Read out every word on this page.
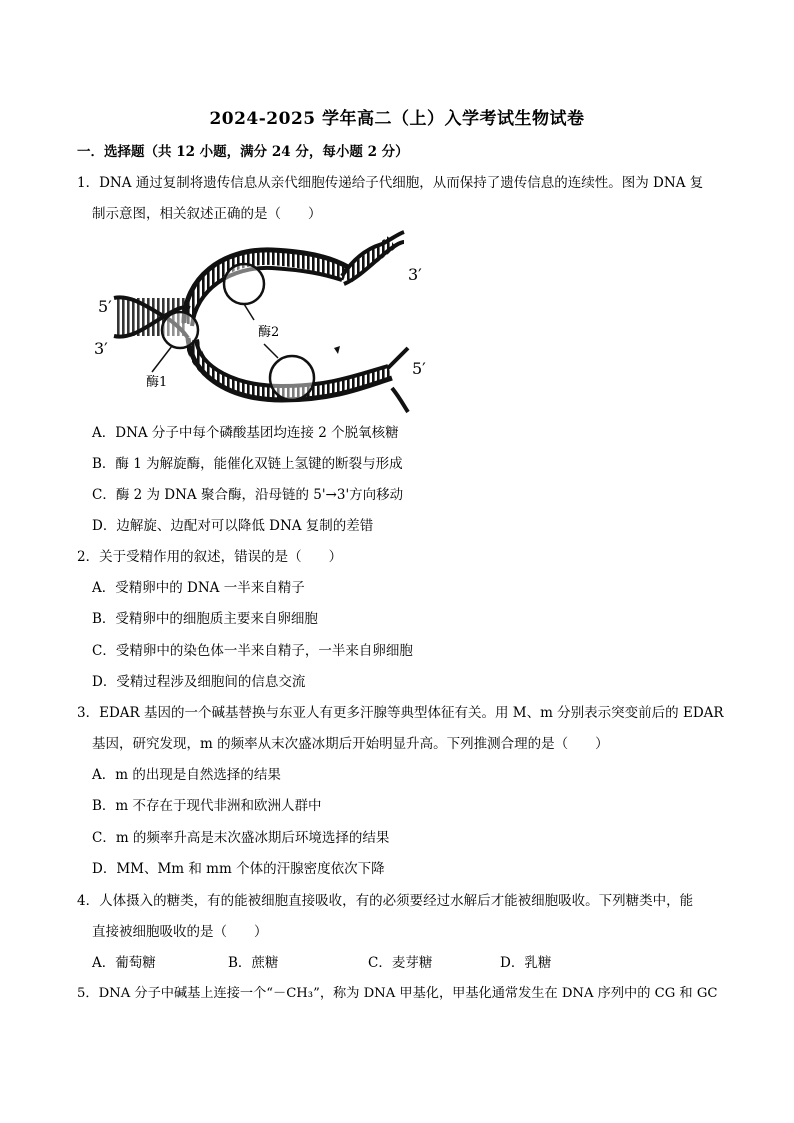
2024-2025 学年高二（上）入学考试生物试卷
一．选择题（共 12 小题，满分 24 分，每小题 2 分）
1．DNA 通过复制将遗传信息从亲代细胞传递给子代细胞，从而保持了遗传信息的连续性。图为 DNA 复
制示意图，相关叙述正确的是（　　）
5′
3′
3′
5′
酶1
酶2
A．DNA 分子中每个磷酸基团均连接 2 个脱氧核糖
B．酶 1 为解旋酶，能催化双链上氢键的断裂与形成
C．酶 2 为 DNA 聚合酶，沿母链的 5'→3'方向移动
D．边解旋、边配对可以降低 DNA 复制的差错
2．关于受精作用的叙述，错误的是（　　）
A．受精卵中的 DNA 一半来自精子
B．受精卵中的细胞质主要来自卵细胞
C．受精卵中的染色体一半来自精子，一半来自卵细胞
D．受精过程涉及细胞间的信息交流
3．EDAR 基因的一个碱基替换与东亚人有更多汗腺等典型体征有关。用 M、m 分别表示突变前后的 EDAR
基因，研究发现，m 的频率从末次盛冰期后开始明显升高。下列推测合理的是（　　）
A．m 的出现是自然选择的结果
B．m 不存在于现代非洲和欧洲人群中
C．m 的频率升高是末次盛冰期后环境选择的结果
D．MM、Mm 和 mm 个体的汗腺密度依次下降
4．人体摄入的糖类，有的能被细胞直接吸收，有的必须要经过水解后才能被细胞吸收。下列糖类中，能
直接被细胞吸收的是（　　）
A．葡萄糖	B．蔗糖	C．麦芽糖	D．乳糖
5．DNA 分子中碱基上连接一个“－CH₃”，称为 DNA 甲基化，甲基化通常发生在 DNA 序列中的 CG 和 GC
